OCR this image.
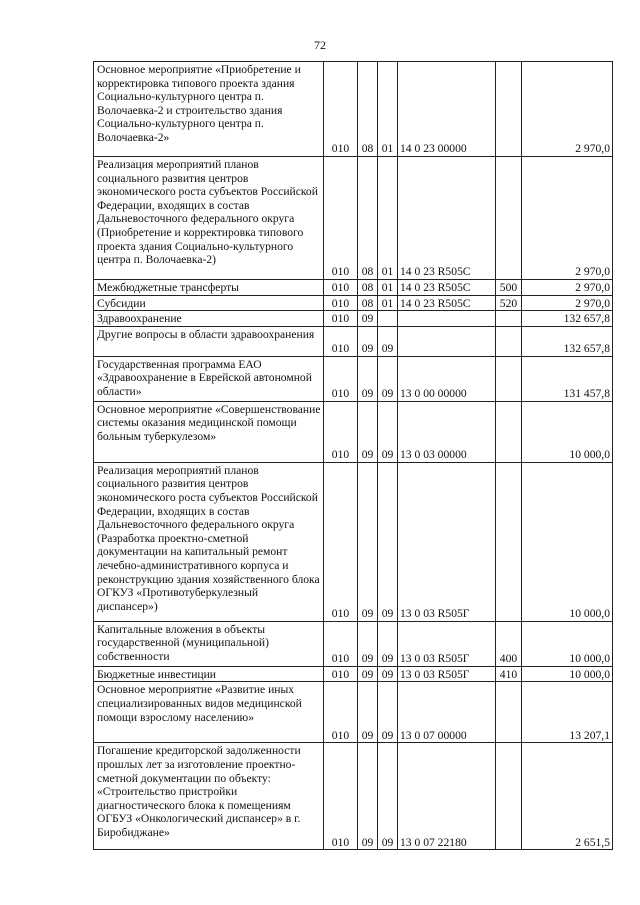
72
Основное мероприятие «Приобретение и корректировка типового проекта здания Социально-культурного центра п. Волочаевка-2 и строительство здания Социально-культурного центра п. Волочаевка-2»	010	08	01	14 0 23 00000		2 970,0
Реализация мероприятий планов социального развития центров экономического роста субъектов Российской Федерации, входящих в состав Дальневосточного федерального округа (Приобретение и корректировка типового проекта здания Социально-культурного центра п. Волочаевка-2)	010	08	01	14 0 23 R505C		2 970,0
Межбюджетные трансферты	010	08	01	14 0 23 R505C	500	2 970,0
Субсидии	010	08	01	14 0 23 R505C	520	2 970,0
Здравоохранение	010	09				132 657,8
Другие вопросы в области здравоохранения	010	09	09			132 657,8
Государственная программа ЕАО «Здравоохранение в Еврейской автономной области»	010	09	09	13 0 00 00000		131 457,8
Основное мероприятие «Совершенствование системы оказания медицинской помощи больным туберкулезом»	010	09	09	13 0 03 00000		10 000,0
Реализация мероприятий планов социального развития центров экономического роста субъектов Российской Федерации, входящих в состав Дальневосточного федерального округа (Разработка проектно-сметной документации на капитальный ремонт лечебно-административного корпуса и реконструкцию здания хозяйственного блока ОГКУЗ «Противотуберкулезный диспансер»)	010	09	09	13 0 03 R505Г		10 000,0
Капитальные вложения в объекты государственной (муниципальной) собственности	010	09	09	13 0 03 R505Г	400	10 000,0
Бюджетные инвестиции	010	09	09	13 0 03 R505Г	410	10 000,0
Основное мероприятие «Развитие иных специализированных видов медицинской помощи взрослому населению»	010	09	09	13 0 07 00000		13 207,1
Погашение кредиторской задолженности прошлых лет за изготовление проектно-сметной документации по объекту: «Строительство пристройки диагностического блока к помещениям ОГБУЗ «Онкологический диспансер» в г. Биробиджане»	010	09	09	13 0 07 22180		2 651,5
